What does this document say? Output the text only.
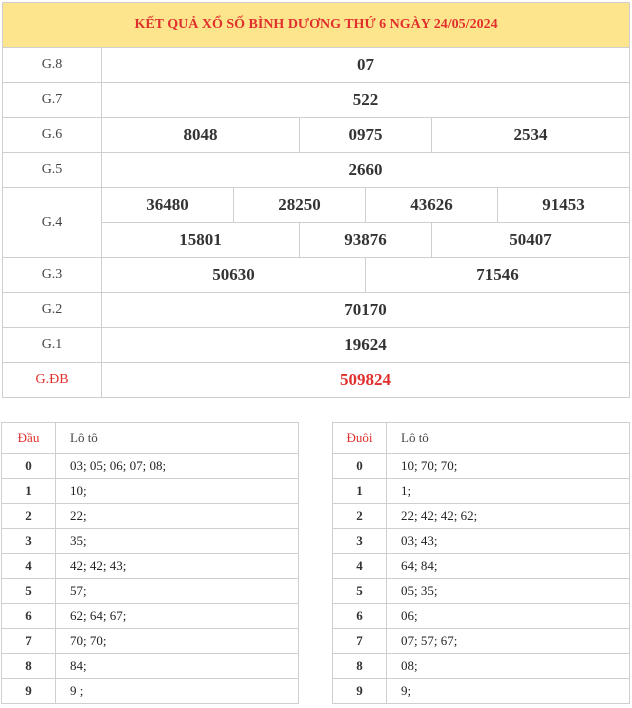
KẾT QUẢ XỔ SỐ BÌNH DƯƠNG THỨ 6 NGÀY 24/05/2024						
G.8	07					
G.7	522					
G.6	8048		0975		2534	
G.5	2660					
G.4	36480	28250		43626		91453
	15801		93876		50407	
G.3	50630			71546		
G.2	70170					
G.1	19624					
G.ĐB	509824					
Đầu	Lô tô
0	03; 05; 06; 07; 08;
1	10;
2	22;
3	35;
4	42; 42; 43;
5	57;
6	62; 64; 67;
7	70; 70;
8	84;
9	9 ;
Đuôi	Lô tô
0	10; 70; 70;
1	1;
2	22; 42; 42; 62;
3	03; 43;
4	64; 84;
5	05; 35;
6	06;
7	07; 57; 67;
8	08;
9	9;
